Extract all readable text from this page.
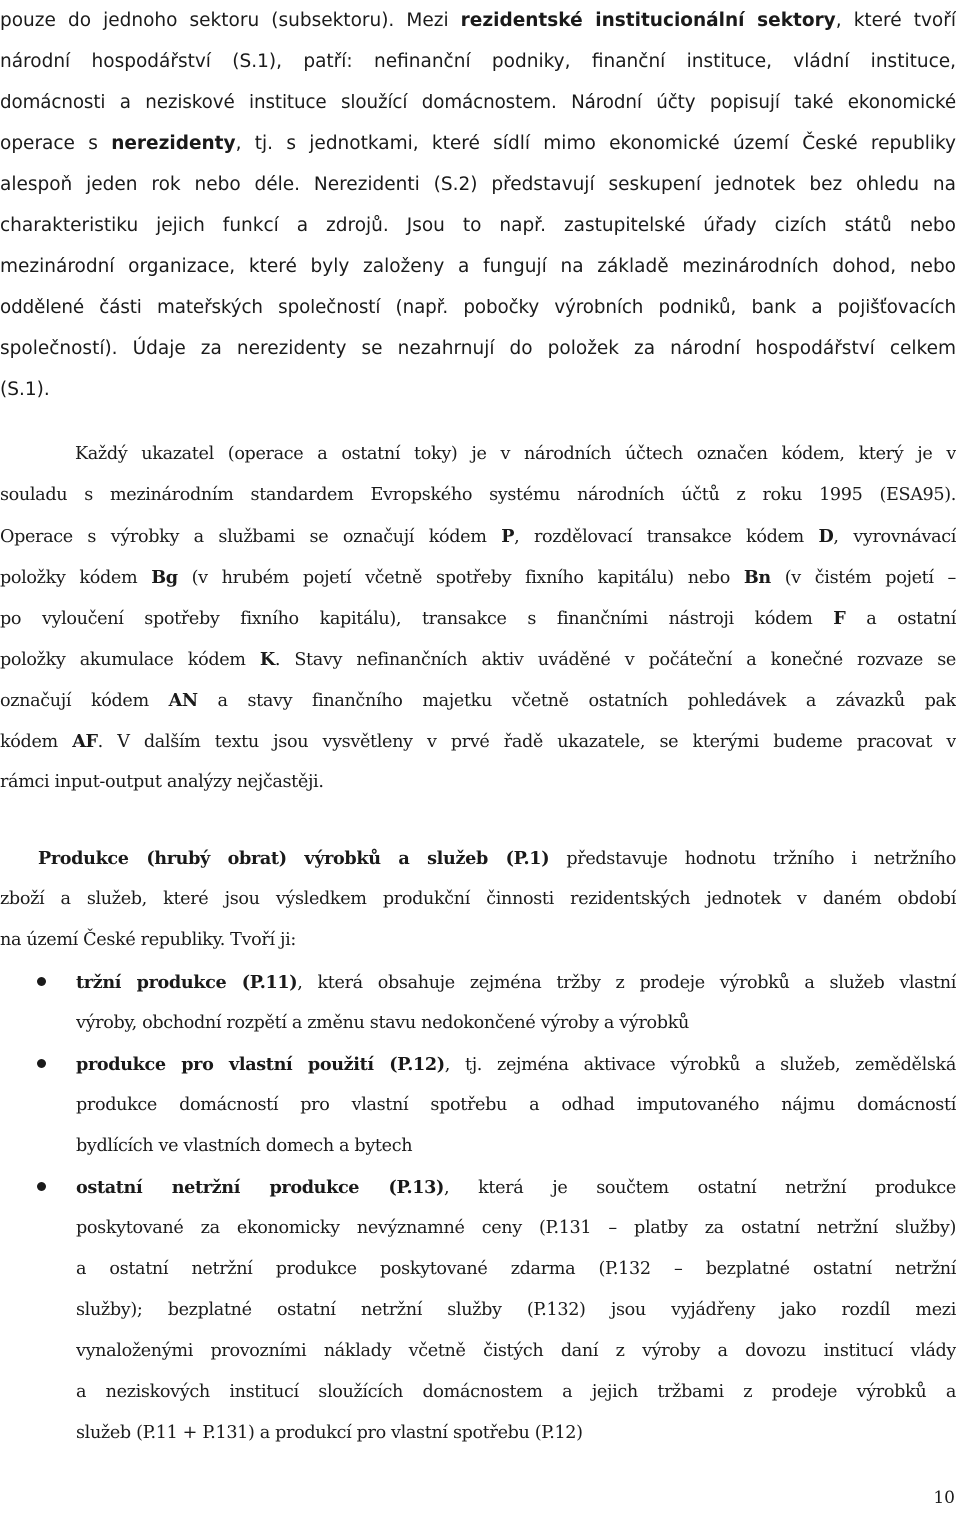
pouze do jednoho sektoru (subsektoru). Mezi rezidentské institucionální sektory, které tvoří
národní hospodářství (S.1), patří: nefinanční podniky, finanční instituce, vládní instituce,
domácnosti a neziskové instituce sloužící domácnostem. Národní účty popisují také ekonomické
operace s nerezidenty, tj. s jednotkami, které sídlí mimo ekonomické území České republiky
alespoň jeden rok nebo déle. Nerezidenti (S.2) představují seskupení jednotek bez ohledu na
charakteristiku jejich funkcí a zdrojů. Jsou to např. zastupitelské úřady cizích států nebo
mezinárodní organizace, které byly založeny a fungují na základě mezinárodních dohod, nebo
oddělené části mateřských společností (např. pobočky výrobních podniků, bank a pojišťovacích
společností). Údaje za nerezidenty se nezahrnují do položek za národní hospodářství celkem
(S.1).
Každý ukazatel (operace a ostatní toky) je v národních účtech označen kódem, který je v
souladu s mezinárodním standardem Evropského systému národních účtů z roku 1995 (ESA95).
Operace s výrobky a službami se označují kódem P, rozdělovací transakce kódem D, vyrovnávací
položky kódem Bg (v hrubém pojetí včetně spotřeby fixního kapitálu) nebo Bn (v čistém pojetí –
po vyloučení spotřeby fixního kapitálu), transakce s finančními nástroji kódem F a ostatní
položky akumulace kódem K. Stavy nefinančních aktiv uváděné v počáteční a konečné rozvaze se
označují kódem AN a stavy finančního majetku včetně ostatních pohledávek a závazků pak
kódem AF. V dalším textu jsou vysvětleny v prvé řadě ukazatele, se kterými budeme pracovat v
rámci input-output analýzy nejčastěji.
Produkce (hrubý obrat) výrobků a služeb (P.1) představuje hodnotu tržního i netržního
zboží a služeb, které jsou výsledkem produkční činnosti rezidentských jednotek v daném období
na území České republiky. Tvoří ji:
tržní produkce (P.11), která obsahuje zejména tržby z prodeje výrobků a služeb vlastní
výroby, obchodní rozpětí a změnu stavu nedokončené výroby a výrobků
produkce pro vlastní použití (P.12), tj. zejména aktivace výrobků a služeb, zemědělská
produkce domácností pro vlastní spotřebu a odhad imputovaného nájmu domácností
bydlících ve vlastních domech a bytech
ostatní netržní produkce (P.13), která je součtem ostatní netržní produkce
poskytované za ekonomicky nevýznamné ceny (P.131 – platby za ostatní netržní služby)
a ostatní netržní produkce poskytované zdarma (P.132 – bezplatné ostatní netržní
služby); bezplatné ostatní netržní služby (P.132) jsou vyjádřeny jako rozdíl mezi
vynaloženými provozními náklady včetně čistých daní z výroby a dovozu institucí vlády
a neziskových institucí sloužících domácnostem a jejich tržbami z prodeje výrobků a
služeb (P.11 + P.131) a produkcí pro vlastní spotřebu (P.12)
10
